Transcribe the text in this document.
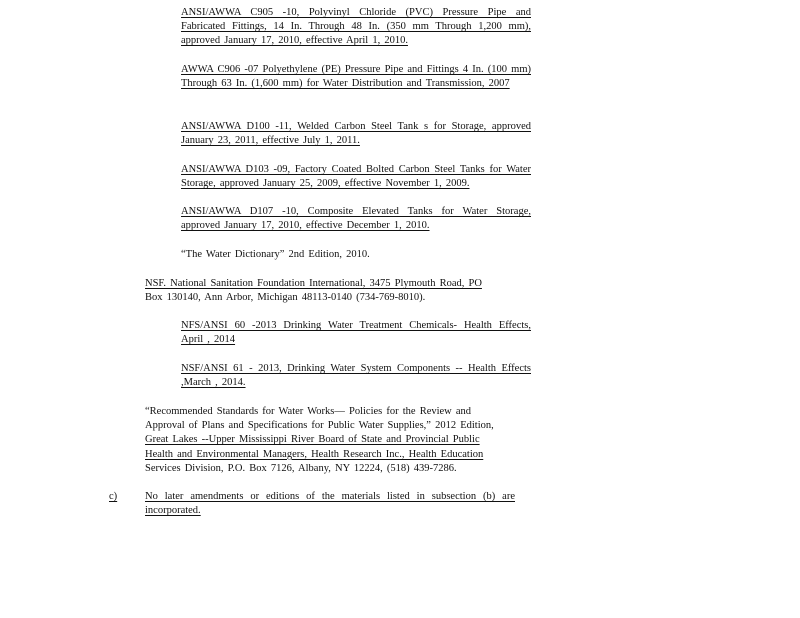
ANSI/AWWA C905 -10, Polyvinyl Chloride (PVC) Pressure Pipe and Fabricated Fittings, 14 In. Through 48 In. (350 mm Through 1,200 mm), approved January 17, 2010, effective April 1, 2010.
AWWA C906 -07 Polyethylene (PE) Pressure Pipe and Fittings 4 In. (100 mm) Through 63 In. (1,600 mm) for Water Distribution and Transmission, 2007
ANSI/AWWA D100 -11, Welded Carbon Steel Tank s for Storage, approved January 23, 2011, effective July 1, 2011.
ANSI/AWWA D103 -09, Factory Coated Bolted Carbon Steel Tanks for Water Storage, approved January 25, 2009, effective November 1, 2009.
ANSI/AWWA D107 -10, Composite Elevated Tanks for Water Storage, approved January 17, 2010, effective December 1, 2010.
“The Water Dictionary” 2nd Edition, 2010.
NSF. National Sanitation Foundation International, 3475 Plymouth Road, PO
Box 130140, Ann Arbor, Michigan 48113-0140 (734-769-8010).
NFS/ANSI 60 -2013 Drinking Water Treatment Chemicals- Health Effects, April , 2014
NSF/ANSI 61 - 2013, Drinking Water System Components -- Health Effects ,March , 2014.
“Recommended Standards for Water Works— Policies for the Review and
Approval of Plans and Specifications for Public Water Supplies,” 2012 Edition,
Great Lakes --Upper Mississippi River Board of State and Provincial Public
Health and Environmental Managers, Health Research Inc., Health Education
Services Division, P.O. Box 7126, Albany, NY 12224, (518) 439-7286.
c)	No later amendments or editions of the materials listed in subsection (b) are incorporated.
